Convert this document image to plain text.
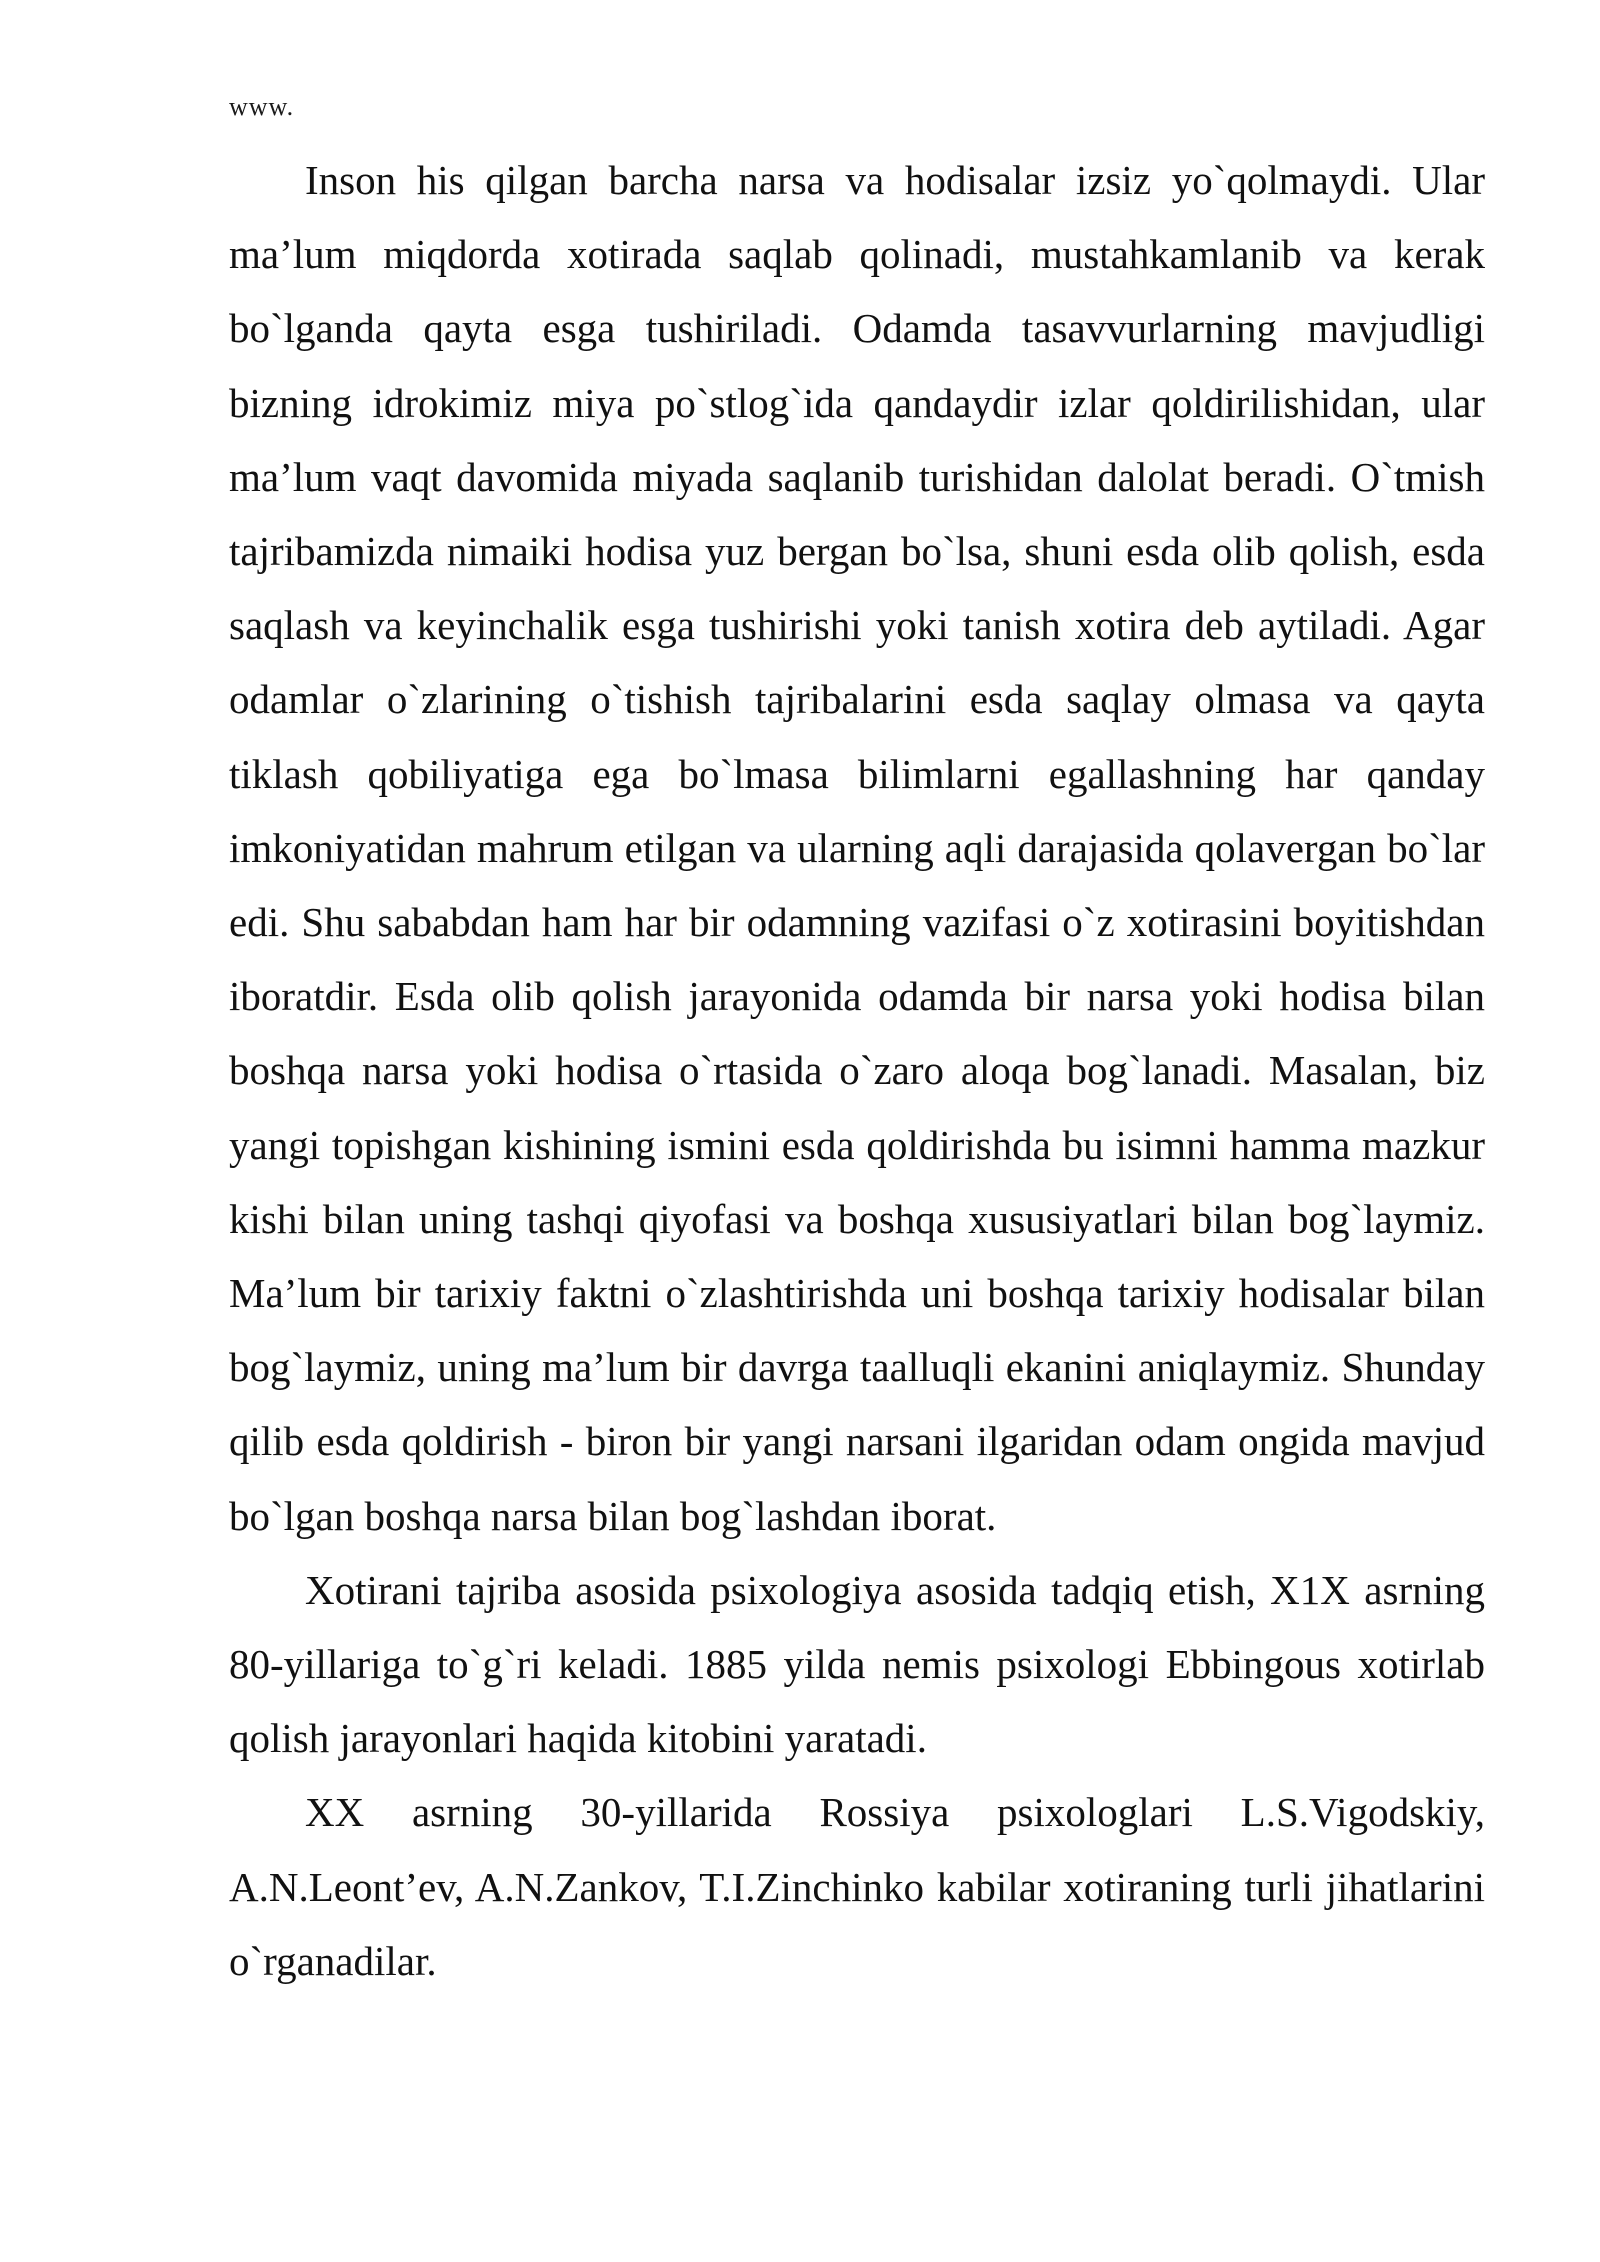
www.

Inson his qilgan barcha narsa va hodisalar izsiz yo`qolmaydi. Ular ma’lum miqdorda xotirada saqlab qolinadi, mustahkamlanib va kerak bo`lganda qayta esga tushiriladi. Odamda tasavvurlarning mavjudligi bizning idrokimiz miya po`stlog`ida qandaydir izlar qoldirilishidan, ular ma’lum vaqt davomida miyada saqlanib turishidan dalolat beradi. O`tmish tajribamizda nimaiki hodisa yuz bergan bo`lsa, shuni esda olib qolish, esda saqlash va keyinchalik esga tushirishi yoki tanish xotira deb aytiladi. Agar odamlar o`zlarining o`tishish tajribalarini esda saqlay olmasa va qayta tiklash qobiliyatiga ega bo`lmasa bilimlarni egallashning har qanday imkoniyatidan mahrum etilgan va ularning aqli darajasida qolavergan bo`lar edi. Shu sababdan ham har bir odamning vazifasi o`z xotirasini boyitishdan iboratdir. Esda olib qolish jarayonida odamda bir narsa yoki hodisa bilan boshqa narsa yoki hodisa o`rtasida o`zaro aloqa bog`lanadi. Masalan, biz yangi topishgan kishining ismini esda qoldirishda bu isimni hamma mazkur kishi bilan uning tashqi qiyofasi va boshqa xususiyatlari bilan bog`laymiz. Ma’lum bir tarixiy faktni o`zlashtirishda uni boshqa tarixiy hodisalar bilan bog`laymiz, uning ma’lum bir davrga taalluqli ekanini aniqlaymiz. Shunday qilib esda qoldirish - biron bir yangi narsani ilgaridan odam ongida mavjud bo`lgan boshqa narsa bilan bog`lashdan iborat.

Xotirani tajriba asosida psixologiya asosida tadqiq etish, X1X asrning 80-yillariga to`g`ri keladi. 1885 yilda nemis psixologi Ebbingous xotirlab qolish jarayonlari haqida kitobini yaratadi.

XX asrning 30-yillarida Rossiya psixologlari L.S.Vigodskiy, A.N.Leont’ev, A.N.Zankov, T.I.Zinchinko kabilar xotiraning turli jihatlarini o`rganadilar.
